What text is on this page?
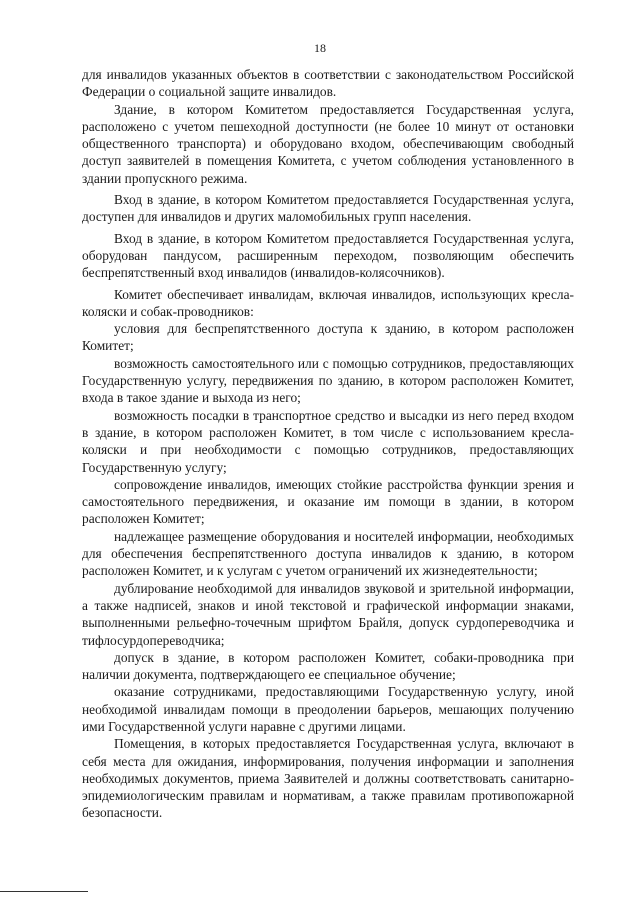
18

для инвалидов указанных объектов в соответствии с законодательством Российской Федерации о социальной защите инвалидов.

Здание, в котором Комитетом предоставляется Государственная услуга, расположено с учетом пешеходной доступности (не более 10 минут от остановки общественного транспорта) и оборудовано входом, обеспечивающим свободный доступ заявителей в помещения Комитета, с учетом соблюдения установленного в здании пропускного режима.

Вход в здание, в котором Комитетом предоставляется Государственная услуга, доступен для инвалидов и других маломобильных групп населения.

Вход в здание, в котором Комитетом предоставляется Государственная услуга, оборудован пандусом, расширенным переходом, позволяющим обеспечить беспрепятственный вход инвалидов (инвалидов-колясочников).

Комитет обеспечивает инвалидам, включая инвалидов, использующих кресла-коляски и собак-проводников:

условия для беспрепятственного доступа к зданию, в котором расположен Комитет;

возможность самостоятельного или с помощью сотрудников, предоставляющих Государственную услугу, передвижения по зданию, в котором расположен Комитет, входа в такое здание и выхода из него;

возможность посадки в транспортное средство и высадки из него перед входом в здание, в котором расположен Комитет, в том числе с использованием кресла-коляски и при необходимости с помощью сотрудников, предоставляющих Государственную услугу;

сопровождение инвалидов, имеющих стойкие расстройства функции зрения и самостоятельного передвижения, и оказание им помощи в здании, в котором расположен Комитет;

надлежащее размещение оборудования и носителей информации, необходимых для обеспечения беспрепятственного доступа инвалидов к зданию, в котором расположен Комитет, и к услугам с учетом ограничений их жизнедеятельности;

дублирование необходимой для инвалидов звуковой и зрительной информации, а также надписей, знаков и иной текстовой и графической информации знаками, выполненными рельефно-точечным шрифтом Брайля, допуск сурдопереводчика и тифлосурдопереводчика;

допуск в здание, в котором расположен Комитет, собаки-проводника при наличии документа, подтверждающего ее специальное обучение;

оказание сотрудниками, предоставляющими Государственную услугу, иной необходимой инвалидам помощи в преодолении барьеров, мешающих получению ими Государственной услуги наравне с другими лицами.

Помещения, в которых предоставляется Государственная услуга, включают в себя места для ожидания, информирования, получения информации и заполнения необходимых документов, приема Заявителей и должны соответствовать санитарно-эпидемиологическим правилам и нормативам, а также правилам противопожарной безопасности.
